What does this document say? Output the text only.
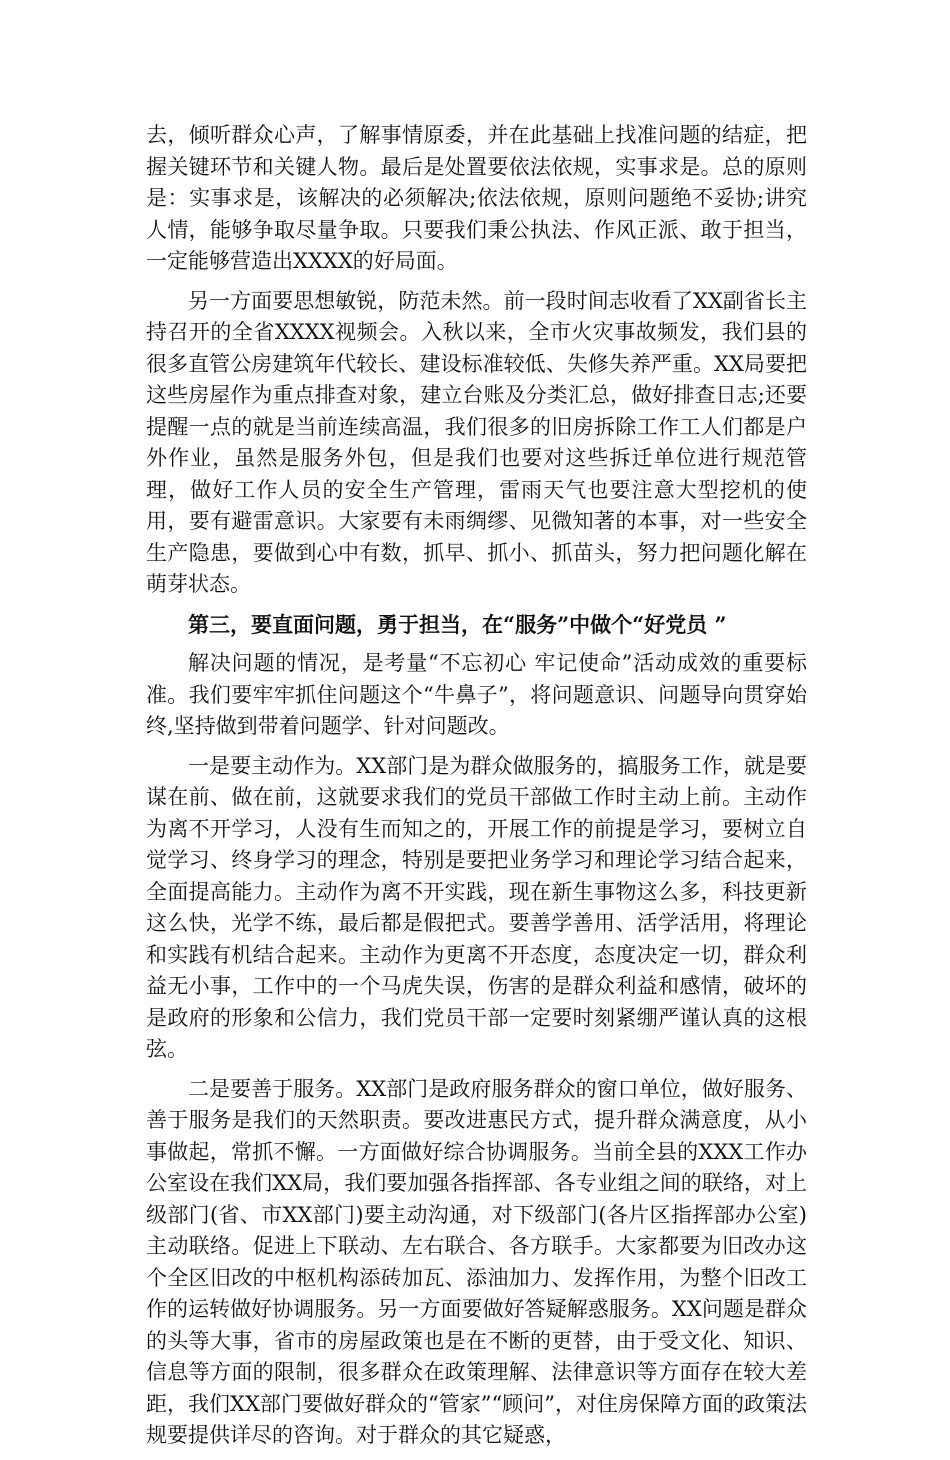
去，倾听群众心声，了解事情原委，并在此基础上找准问题的结症，把握关键环节和关键人物。最后是处置要依法依规，实事求是。总的原则是：实事求是，该解决的必须解决;依法依规，原则问题绝不妥协;讲究人情，能够争取尽量争取。只要我们秉公执法、作风正派、敢于担当，一定能够营造出XXXX的好局面。

另一方面要思想敏锐，防范未然。前一段时间志收看了XX副省长主持召开的全省XXXX视频会。入秋以来，全市火灾事故频发，我们县的很多直管公房建筑年代较长、建设标准较低、失修失养严重。XX局要把这些房屋作为重点排查对象，建立台账及分类汇总，做好排查日志;还要提醒一点的就是当前连续高温，我们很多的旧房拆除工作工人们都是户外作业，虽然是服务外包，但是我们也要对这些拆迁单位进行规范管理，做好工作人员的安全生产管理，雷雨天气也要注意大型挖机的使用，要有避雷意识。大家要有未雨绸缪、见微知著的本事，对一些安全生产隐患，要做到心中有数，抓早、抓小、抓苗头，努力把问题化解在萌芽状态。

第三，要直面问题，勇于担当，在“服务”中做个“好党员 ”

解决问题的情况，是考量“不忘初心 牢记使命”活动成效的重要标准。我们要牢牢抓住问题这个“牛鼻子”，将问题意识、问题导向贯穿始终,坚持做到带着问题学、针对问题改。

一是要主动作为。XX部门是为群众做服务的，搞服务工作，就是要谋在前、做在前，这就要求我们的党员干部做工作时主动上前。主动作为离不开学习，人没有生而知之的，开展工作的前提是学习，要树立自觉学习、终身学习的理念，特别是要把业务学习和理论学习结合起来，全面提高能力。主动作为离不开实践，现在新生事物这么多，科技更新这么快，光学不练，最后都是假把式。要善学善用、活学活用，将理论和实践有机结合起来。主动作为更离不开态度，态度决定一切，群众利益无小事，工作中的一个马虎失误，伤害的是群众利益和感情，破坏的是政府的形象和公信力，我们党员干部一定要时刻紧绷严谨认真的这根弦。

二是要善于服务。XX部门是政府服务群众的窗口单位，做好服务、善于服务是我们的天然职责。要改进惠民方式，提升群众满意度，从小事做起，常抓不懈。一方面做好综合协调服务。当前全县的XXX工作办公室设在我们XX局，我们要加强各指挥部、各专业组之间的联络，对上级部门(省、市XX部门)要主动沟通，对下级部门(各片区指挥部办公室)主动联络。促进上下联动、左右联合、各方联手。大家都要为旧改办这个全区旧改的中枢机构添砖加瓦、添油加力、发挥作用，为整个旧改工作的运转做好协调服务。另一方面要做好答疑解惑服务。XX问题是群众的头等大事，省市的房屋政策也是在不断的更替，由于受文化、知识、信息等方面的限制，很多群众在政策理解、法律意识等方面存在较大差距，我们XX部门要做好群众的“管家”“顾问”，对住房保障方面的政策法规要提供详尽的咨询。对于群众的其它疑惑，
